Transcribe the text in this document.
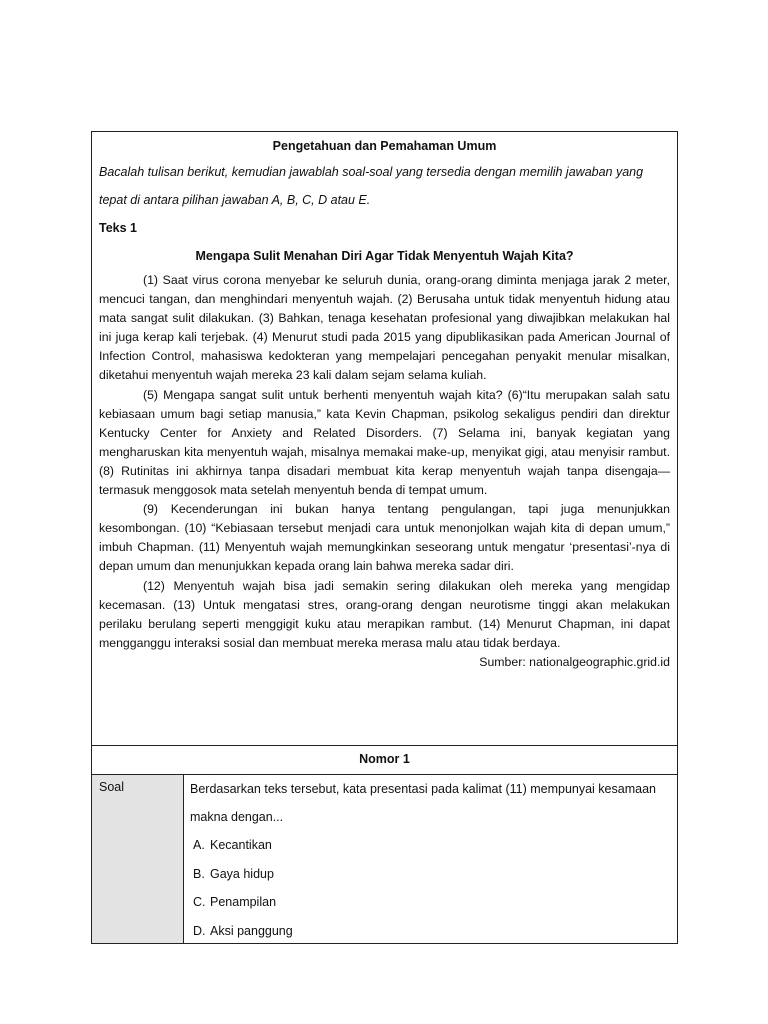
Pengetahuan dan Pemahaman Umum
Bacalah tulisan berikut, kemudian jawablah soal-soal yang tersedia dengan memilih jawaban yang tepat di antara pilihan jawaban A, B, C, D atau E.
Teks 1
Mengapa Sulit Menahan Diri Agar Tidak Menyentuh Wajah Kita?

(1) Saat virus corona menyebar ke seluruh dunia, orang-orang diminta menjaga jarak 2 meter, mencuci tangan, dan menghindari menyentuh wajah. (2) Berusaha untuk tidak menyentuh hidung atau mata sangat sulit dilakukan. (3) Bahkan, tenaga kesehatan profesional yang diwajibkan melakukan hal ini juga kerap kali terjebak. (4) Menurut studi pada 2015 yang dipublikasikan pada American Journal of Infection Control, mahasiswa kedokteran yang mempelajari pencegahan penyakit menular misalkan, diketahui menyentuh wajah mereka 23 kali dalam sejam selama kuliah.

(5) Mengapa sangat sulit untuk berhenti menyentuh wajah kita? (6)“Itu merupakan salah satu kebiasaan umum bagi setiap manusia,” kata Kevin Chapman, psikolog sekaligus pendiri dan direktur Kentucky Center for Anxiety and Related Disorders. (7) Selama ini, banyak kegiatan yang mengharuskan kita menyentuh wajah, misalnya memakai make-up, menyikat gigi, atau menyisir rambut. (8) Rutinitas ini akhirnya tanpa disadari membuat kita kerap menyentuh wajah tanpa disengaja—termasuk menggosok mata setelah menyentuh benda di tempat umum.

(9) Kecenderungan ini bukan hanya tentang pengulangan, tapi juga menunjukkan kesombongan. (10) “Kebiasaan tersebut menjadi cara untuk menonjolkan wajah kita di depan umum,” imbuh Chapman. (11) Menyentuh wajah memungkinkan seseorang untuk mengatur ‘presentasi’-nya di depan umum dan menunjukkan kepada orang lain bahwa mereka sadar diri.

(12) Menyentuh wajah bisa jadi semakin sering dilakukan oleh mereka yang mengidap kecemasan. (13) Untuk mengatasi stres, orang-orang dengan neurotisme tinggi akan melakukan perilaku berulang seperti menggigit kuku atau merapikan rambut. (14) Menurut Chapman, ini dapat mengganggu interaksi sosial dan membuat mereka merasa malu atau tidak berdaya.

Sumber: nationalgeographic.grid.id
Nomor 1
Soal	Berdasarkan teks tersebut, kata presentasi pada kalimat (11) mempunyai kesamaan makna dengan...
A. Kecantikan
B. Gaya hidup
C. Penampilan
D. Aksi panggung
